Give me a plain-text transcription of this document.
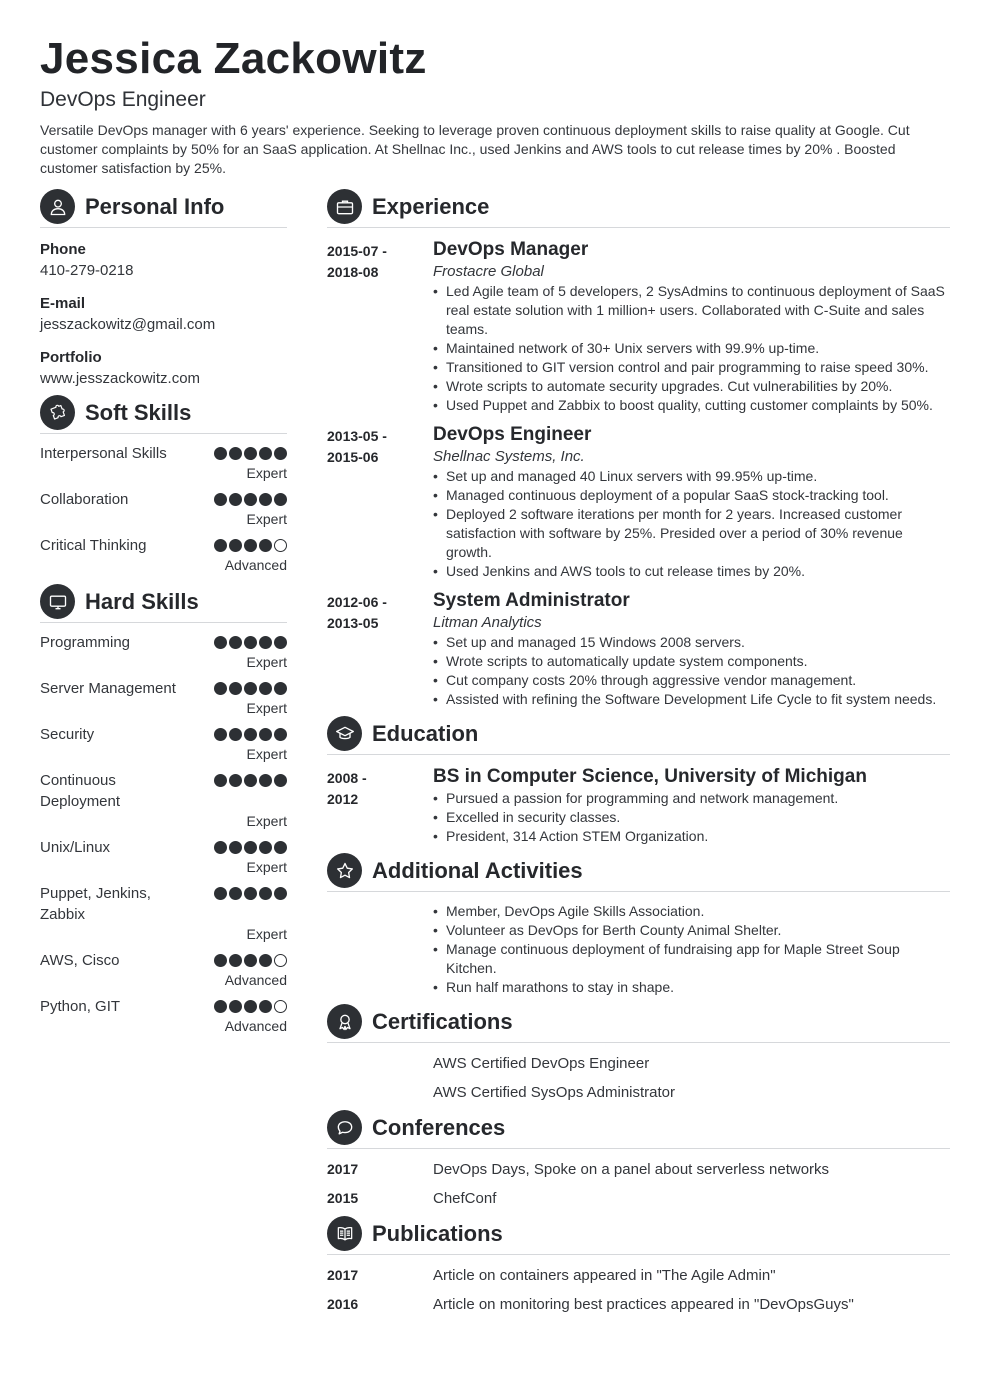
Jessica Zackowitz
DevOps Engineer
Versatile DevOps manager with 6 years' experience. Seeking to leverage proven continuous deployment skills to raise quality at Google. Cut customer complaints by 50% for an SaaS application. At Shellnac Inc., used Jenkins and AWS tools to cut release times by 20% . Boosted customer satisfaction by 25%.
Personal Info
Phone
410-279-0218
E-mail
jesszackowitz@gmail.com
Portfolio
www.jesszackowitz.com
Soft Skills
Interpersonal Skills
Expert
Collaboration
Expert
Critical Thinking
Advanced
Hard Skills
Programming
Expert
Server Management
Expert
Security
Expert
Continuous Deployment
Expert
Unix/Linux
Expert
Puppet, Jenkins, Zabbix
Expert
AWS, Cisco
Advanced
Python, GIT
Advanced
Experience
2015-07 -
2018-08
DevOps Manager
Frostacre Global
• Led Agile team of 5 developers, 2 SysAdmins to continuous deployment of SaaS real estate solution with 1 million+ users. Collaborated with C-Suite and sales teams.
• Maintained network of 30+ Unix servers with 99.9% up-time.
• Transitioned to GIT version control and pair programming to raise speed 30%.
• Wrote scripts to automate security upgrades. Cut vulnerabilities by 20%.
• Used Puppet and Zabbix to boost quality, cutting customer complaints by 50%.
2013-05 -
2015-06
DevOps Engineer
Shellnac Systems, Inc.
• Set up and managed 40 Linux servers with 99.95% up-time.
• Managed continuous deployment of a popular SaaS stock-tracking tool.
• Deployed 2 software iterations per month for 2 years. Increased customer satisfaction with software by 25%. Presided over a period of 30% revenue growth.
• Used Jenkins and AWS tools to cut release times by 20%.
2012-06 -
2013-05
System Administrator
Litman Analytics
• Set up and managed 15 Windows 2008 servers.
• Wrote scripts to automatically update system components.
• Cut company costs 20% through aggressive vendor management.
• Assisted with refining the Software Development Life Cycle to fit system needs.
Education
2008 -
2012
BS in Computer Science, University of Michigan
• Pursued a passion for programming and network management.
• Excelled in security classes.
• President, 314 Action STEM Organization.
Additional Activities
• Member, DevOps Agile Skills Association.
• Volunteer as DevOps for Berth County Animal Shelter.
• Manage continuous deployment of fundraising app for Maple Street Soup Kitchen.
• Run half marathons to stay in shape.
Certifications
AWS Certified DevOps Engineer
AWS Certified SysOps Administrator
Conferences
2017	DevOps Days, Spoke on a panel about serverless networks
2015	ChefConf
Publications
2017	Article on containers appeared in "The Agile Admin"
2016	Article on monitoring best practices appeared in "DevOpsGuys"
